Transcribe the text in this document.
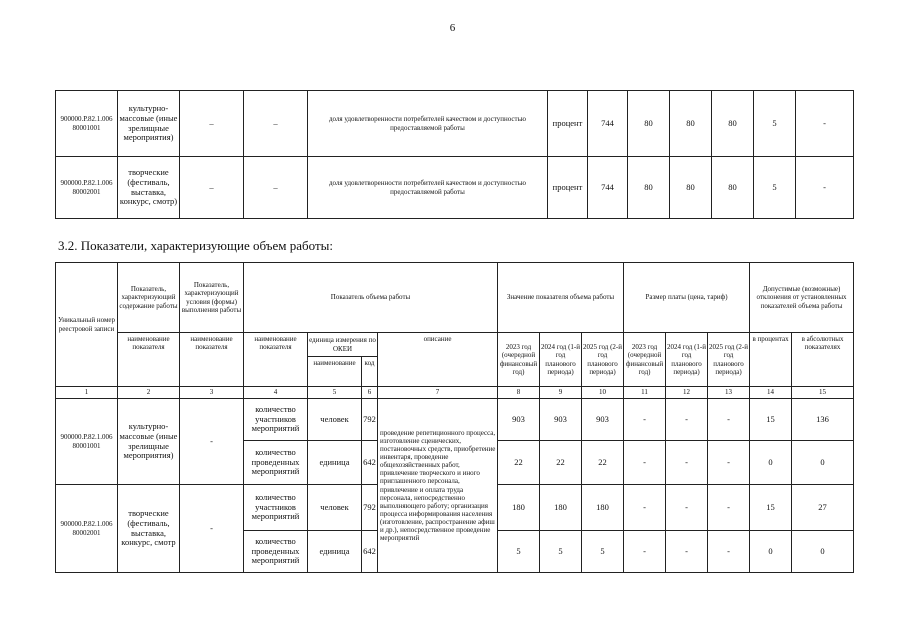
6
900000.Р.82.1.006 80001001	культурно-массовые (иные зрелищные мероприятия)	–	–	доля удовлетворенности потребителей качеством и доступностью предоставляемой работы	процент	744	80	80	80	5	-
900000.Р.82.1.006 80002001	творческие (фестиваль, выставка, конкурс, смотр)	–	–	доля удовлетворенности потребителей качеством и доступностью предоставляемой работы	процент	744	80	80	80	5	-
3.2. Показатели, характеризующие объем работы:
Уникальный номер реестровой записи	Показатель, характеризующий содержание работы	Показатель, характеризующий условия (формы) выполнения работы	Показатель объема работы				Значение показателя объема работы			Размер платы (цена, тариф)			Допустимые (возможные) отклонения от установленных показателей объема работы	
	наименование показателя	наименование показателя	наименование показателя	единица измерения по ОКЕИ		описание	2023 год (очередной финансовый год)	2024 год (1-й год планового периода)	2025 год (2-й год планового периода)	2023 год (очередной финансовый год)	2024 год (1-й год планового периода)	2025 год (2-й год планового периода)	в процентах	в абсолютных показателях
				наименование	код									
1	2	3	4	5	6	7	8	9	10	11	12	13	14	15
900000.Р.82.1.006 80001001	культурно-массовые (иные зрелищные мероприятия)	-	количество участников мероприятий	человек	792	проведение репетиционного процесса, изготовление сценических, постановочных средств, приобретение инвентаря, проведение общехозяйственных работ, привлечение творческого и иного приглашенного персонала, привлечение и оплата труда персонала, непосредственно выполняющего работу; организация процесса информирования населения (изготовление, распространение афиш и др.), непосредственное проведение мероприятий	903	903	903	-	-	-	15	136
			количество проведенных мероприятий	единица	642		22	22	22	-	-	-	0	0
900000.Р.82.1.006 80002001	творческие (фестиваль, выставка, конкурс, смотр	-	количество участников мероприятий	человек	792		180	180	180	-	-	-	15	27
			количество проведенных мероприятий	единица	642		5	5	5	-	-	-	0	0
